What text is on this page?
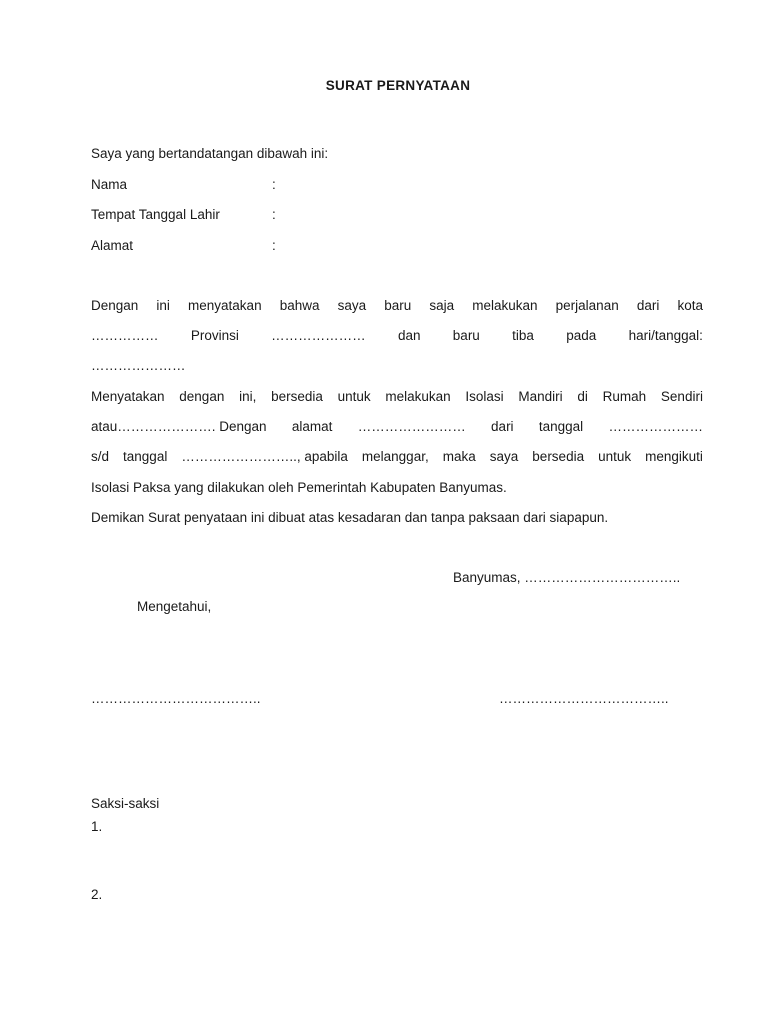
SURAT PERNYATAAN
Saya yang bertandatangan dibawah ini:
Nama	:
Tempat Tanggal Lahir	:
Alamat	:
Dengan ini menyatakan bahwa saya baru saja melakukan perjalanan dari kota
…………… Provinsi ………………… dan baru tiba pada hari/tanggal:
…………………
Menyatakan dengan ini, bersedia untuk melakukan Isolasi Mandiri di Rumah Sendiri
atau…………………. Dengan alamat …………………… dari tanggal …………………
s/d tanggal …………………….., apabila melanggar, maka saya bersedia untuk mengikuti
Isolasi Paksa yang dilakukan oleh Pemerintah Kabupaten Banyumas.
Demikan Surat penyataan ini dibuat atas kesadaran dan tanpa paksaan dari siapapun.
Banyumas, ……………………………..
Mengetahui,
………………………………..	………………………………..
Saksi-saksi
1.
2.
